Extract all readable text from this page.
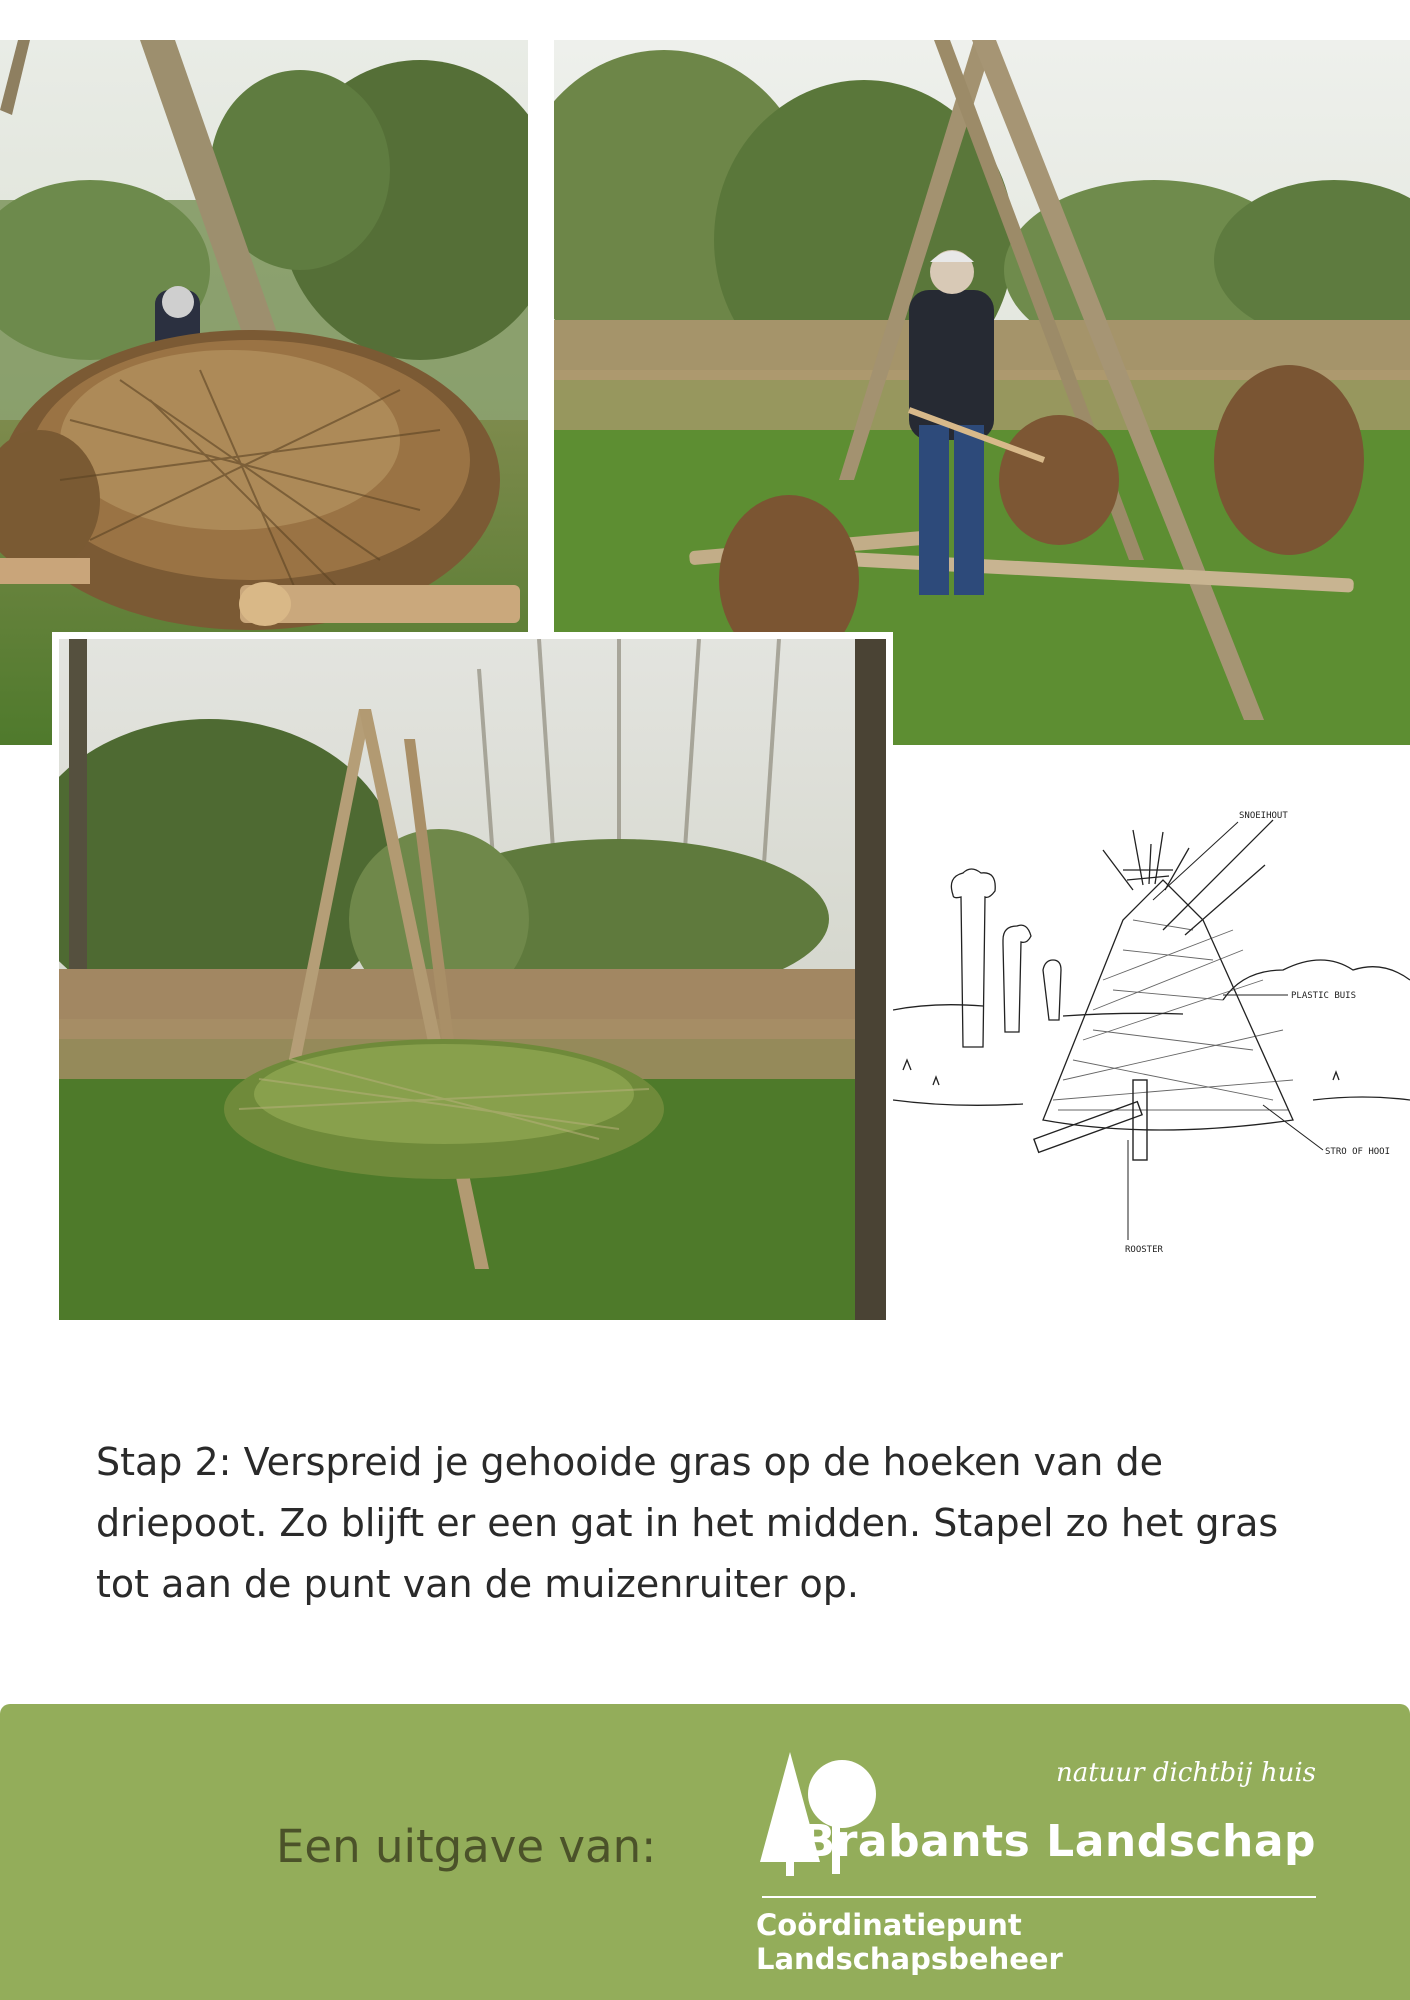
SNOEIHOUT
PLASTIC BUIS
STRO OF HOOI
ROOSTER
Stap 2: Verspreid je gehooide gras op de hoeken van de driepoot. Zo blijft er een gat in het midden. Stapel zo het gras tot aan de punt van de muizenruiter op.
Een uitgave van:
natuur dichtbij huis
Brabants Landschap
Coördinatiepunt Landschapsbeheer
